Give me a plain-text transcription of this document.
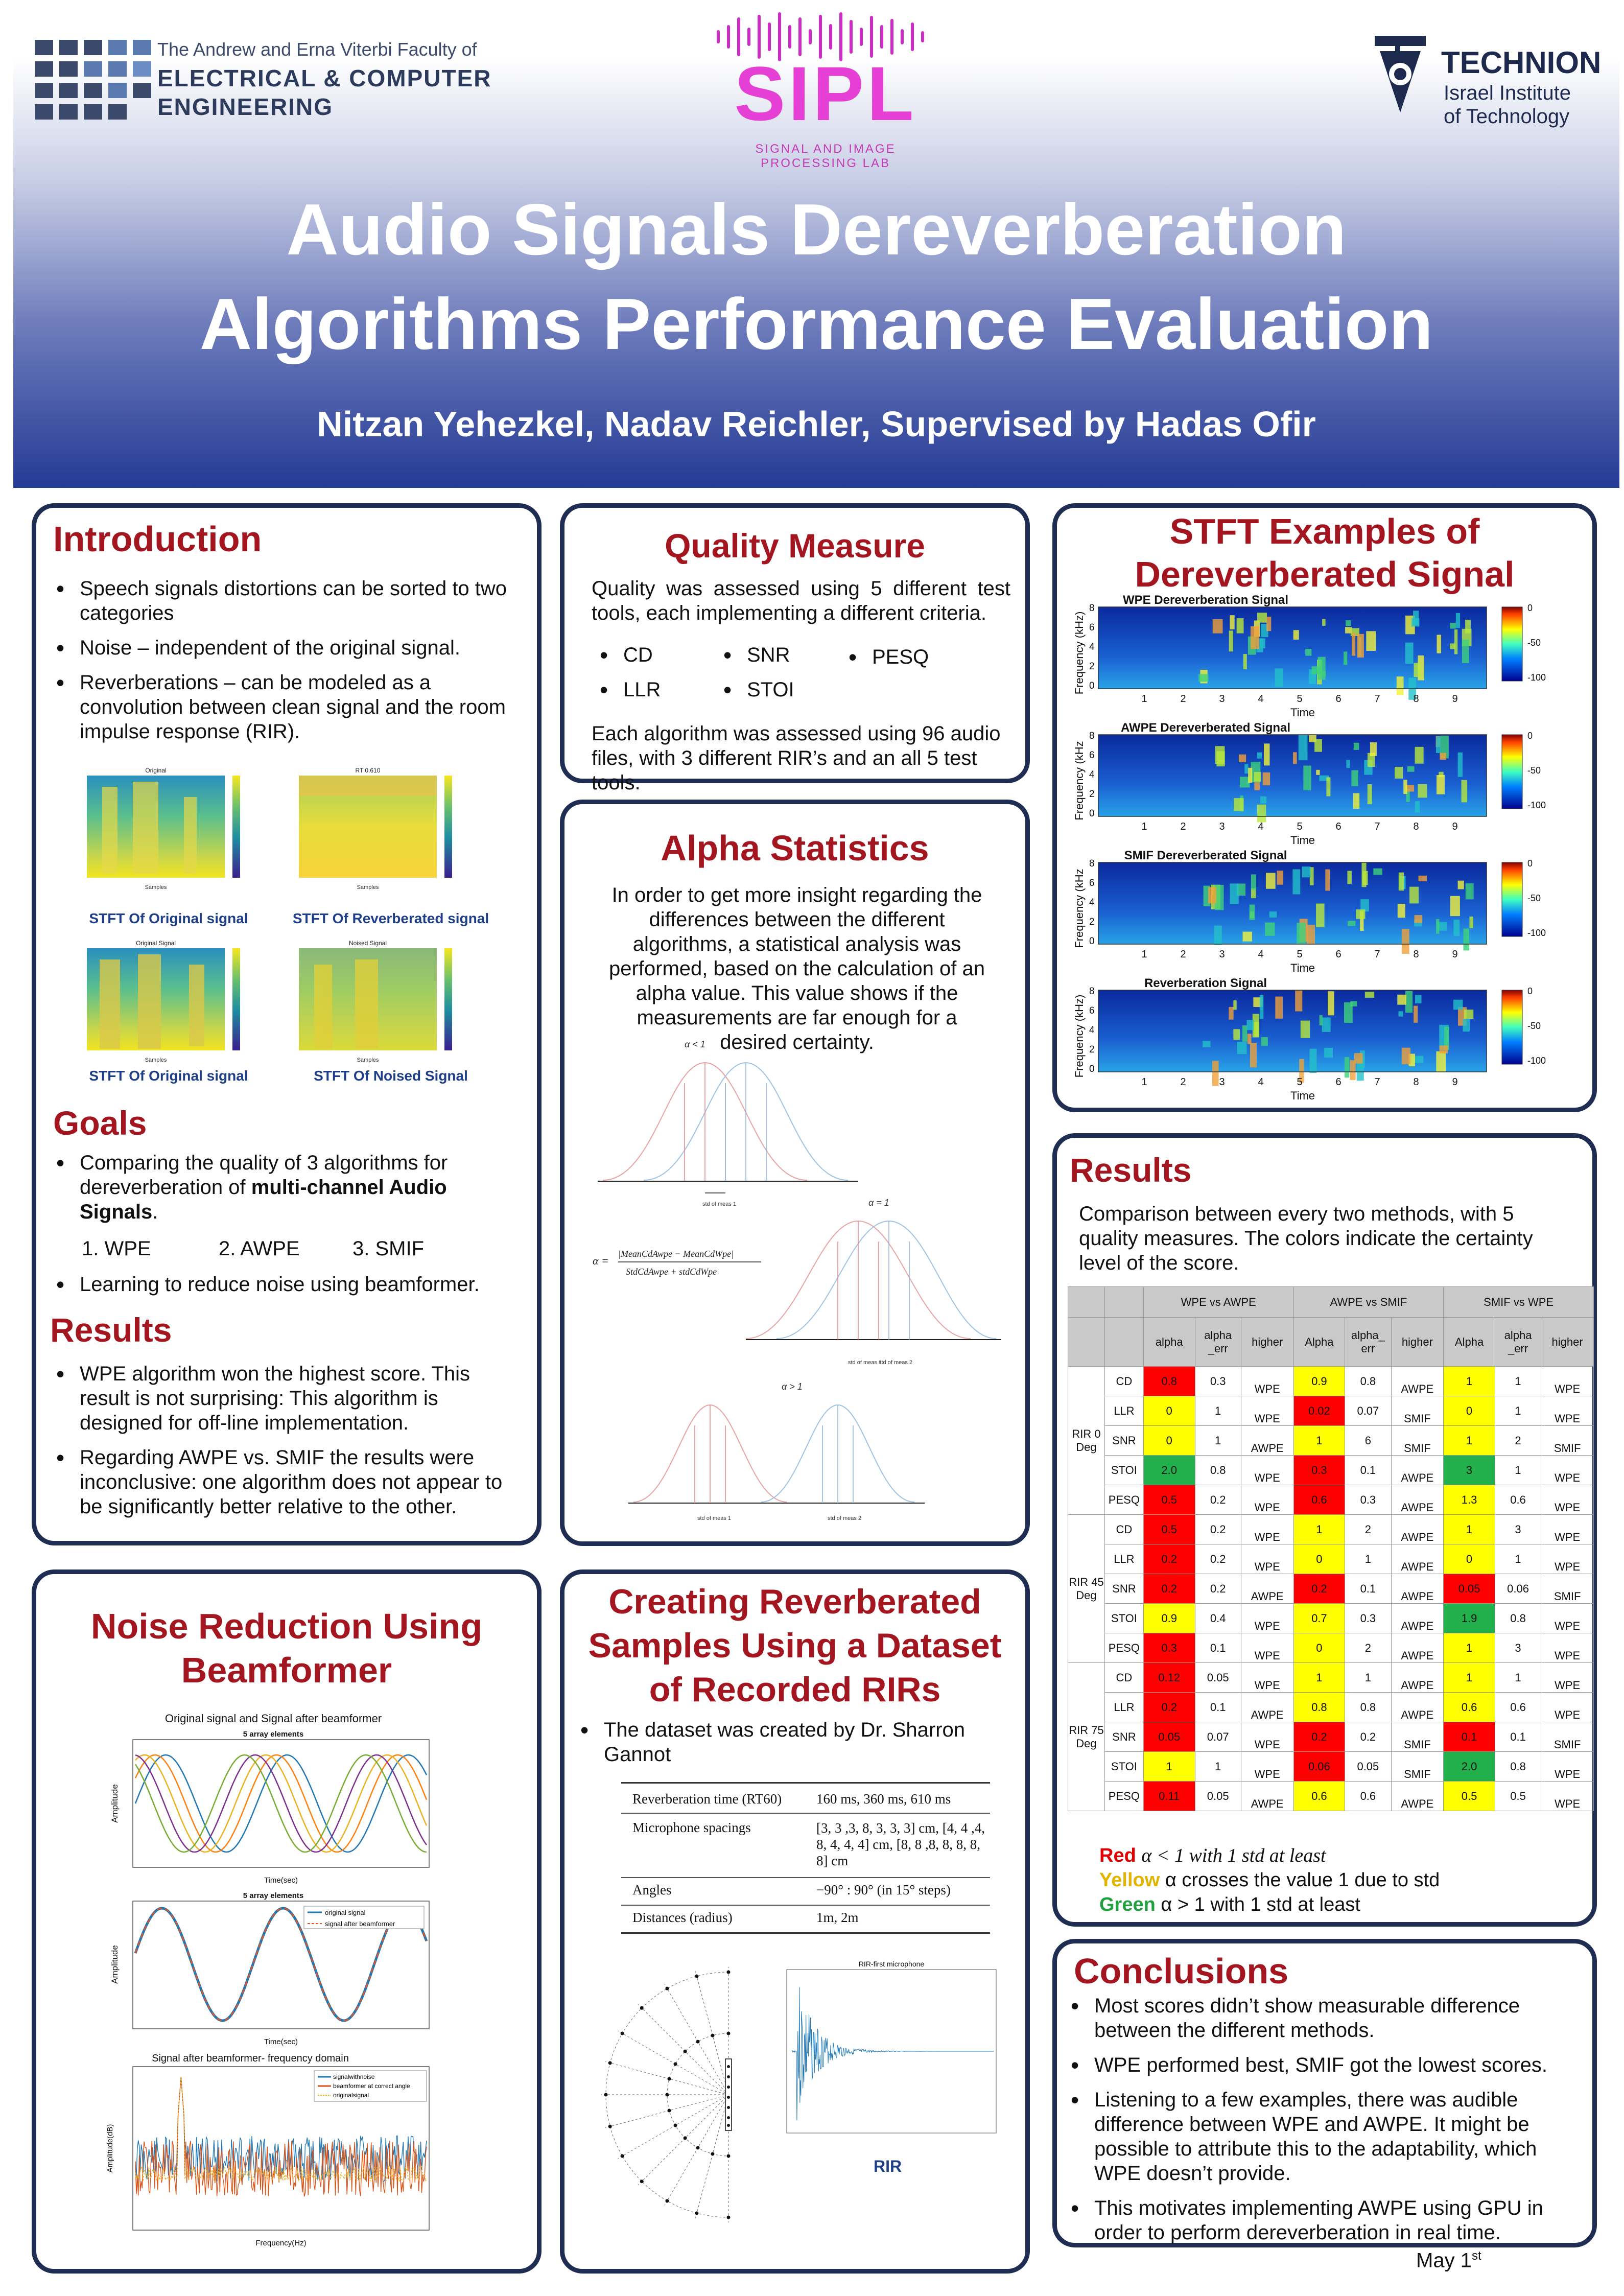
The Andrew and Erna Viterbi Faculty of
ELECTRICAL & COMPUTER
ENGINEERING	SIPL
SIGNAL AND IMAGE PROCESSING LAB
TECHNION
Israel Institute
of Technology
Audio Signals Dereverberation
Algorithms Performance Evaluation
Nitzan Yehezkel, Nadav Reichler, Supervised by Hadas Ofir
Introduction
• Speech signals distortions can be sorted to two categories
• Noise – independent of the original signal.
• Reverberations – can be modeled as a convolution between clean signal and the room impulse response (RIR).
Original
Samples
RT 0.610
Samples
STFT Of Original signal	STFT Of Reverberated signal
Original Signal
Samples
Noised Signal
Samples
STFT Of Original signal	STFT Of Noised Signal
Goals
• Comparing the quality of 3 algorithms for dereverberation of multi-channel Audio Signals.
1. WPE	2. AWPE	3. SMIF
• Learning to reduce noise using beamformer.
Results
• WPE algorithm won the highest score. This result is not surprising: This algorithm is designed for off-line implementation.
• Regarding AWPE vs. SMIF the results were inconclusive: one algorithm does not appear to be significantly better relative to the other.
Quality Measure
Quality was assessed using 5 different test tools, each implementing a different criteria.
• CD
• LLR
• SNR
• STOI
• PESQ
Each algorithm was assessed using 96 audio files, with 3 different RIR’s and an all 5 test tools.
Alpha Statistics
In order to get more insight regarding the differences between the different algorithms, a statistical analysis was performed, based on the calculation of an alpha value. This value shows if the measurements are far enough for a desired certainty.
α < 1
std of meas 1	α = 1
std of meas 1
std of meas 2
α =
|MeanCdAwpe − MeanCdWpe|
StdCdAwpe + stdCdWpe
α > 1
std of meas 1	std of meas 2
STFT Examples of
Dereverberated Signal
WPE Dereverberation Signal
0
-50
-100
8
6
4
2
0
1	2	3	4	5	6	7	8	9
Time
Frequency (kHz)
AWPE Dereverberated Signal
0
-50
-100
8
6
4
2
0
1	2	3	4	5	6	7	8	9
Time
Frequency (kHz
SMIF Dereverberated Signal
0
-50
-100
8
6
4
2
0
1	2	3	4	5	6	7	8	9
Time
Frequency (kHz
Reverberation Signal
0
-50
-100
8
6
4
2
0
1	2	3	4	5	6	7	8	9
Time
Frequency (kHz)
Results
Comparison between every two methods, with 5 quality measures. The colors indicate the certainty level of the score.
		WPE vs AWPE			AWPE vs SMIF			SMIF vs WPE		
		alpha	alpha _err	higher	Alpha	alpha_ err	higher	Alpha	alpha _err	higher
RIR 0 Deg	CD	0.8	0.3	WPE	0.9	0.8	AWPE	1	1	WPE
	LLR	0	1	WPE	0.02	0.07	SMIF	0	1	WPE
	SNR	0	1	AWPE	1	6	SMIF	1	2	SMIF
	STOI	2.0	0.8	WPE	0.3	0.1	AWPE	3	1	WPE
	PESQ	0.5	0.2	WPE	0.6	0.3	AWPE	1.3	0.6	WPE
RIR 45 Deg	CD	0.5	0.2	WPE	1	2	AWPE	1	3	WPE
	LLR	0.2	0.2	WPE	0	1	AWPE	0	1	WPE
	SNR	0.2	0.2	AWPE	0.2	0.1	AWPE	0.05	0.06	SMIF
	STOI	0.9	0.4	WPE	0.7	0.3	AWPE	1.9	0.8	WPE
	PESQ	0.3	0.1	WPE	0	2	AWPE	1	3	WPE
RIR 75 Deg	CD	0.12	0.05	WPE	1	1	AWPE	1	1	WPE
	LLR	0.2	0.1	AWPE	0.8	0.8	AWPE	0.6	0.6	WPE
	SNR	0.05	0.07	WPE	0.2	0.2	SMIF	0.1	0.1	SMIF
	STOI	1	1	WPE	0.06	0.05	SMIF	2.0	0.8	WPE
	PESQ	0.11	0.05	AWPE	0.6	0.6	AWPE	0.5	0.5	WPE
Red α < 1 with 1 std at least
Yellow α crosses the value 1 due to std
Green α > 1 with 1 std at least
Noise Reduction Using
Beamformer
Original signal and Signal after beamformer
5 array elements
Amplitude
Time(sec)
5 array elements
original signal
signal after beamformer
Amplitude
Time(sec)
Signal after beamformer- frequency domain
signalwithnoise
beamformer at correct angle
originalsignal
Amplitude(dB)
Frequency(Hz)
Creating Reverberated
Samples Using a Dataset
of Recorded RIRs
• The dataset was created by Dr. Sharron Gannot
Reverberation time (RT60)	160 ms, 360 ms, 610 ms
Microphone spacings	[3, 3 ,3, 8, 3, 3, 3] cm, [4, 4 ,4, 8, 4, 4, 4] cm, [8, 8 ,8, 8, 8, 8, 8] cm
Angles	−90° : 90° (in 15° steps)
Distances (radius)	1m, 2m
RIR-first microphone
RIR
Conclusions
• Most scores didn’t show measurable difference between the different methods.
• WPE performed best, SMIF got the lowest scores.
• Listening to a few examples, there was audible difference between WPE and AWPE. It might be possible to attribute this to the adaptability, which WPE doesn’t provide.
• This motivates implementing AWPE using GPU in order to perform dereverberation in real time.
May 1st
